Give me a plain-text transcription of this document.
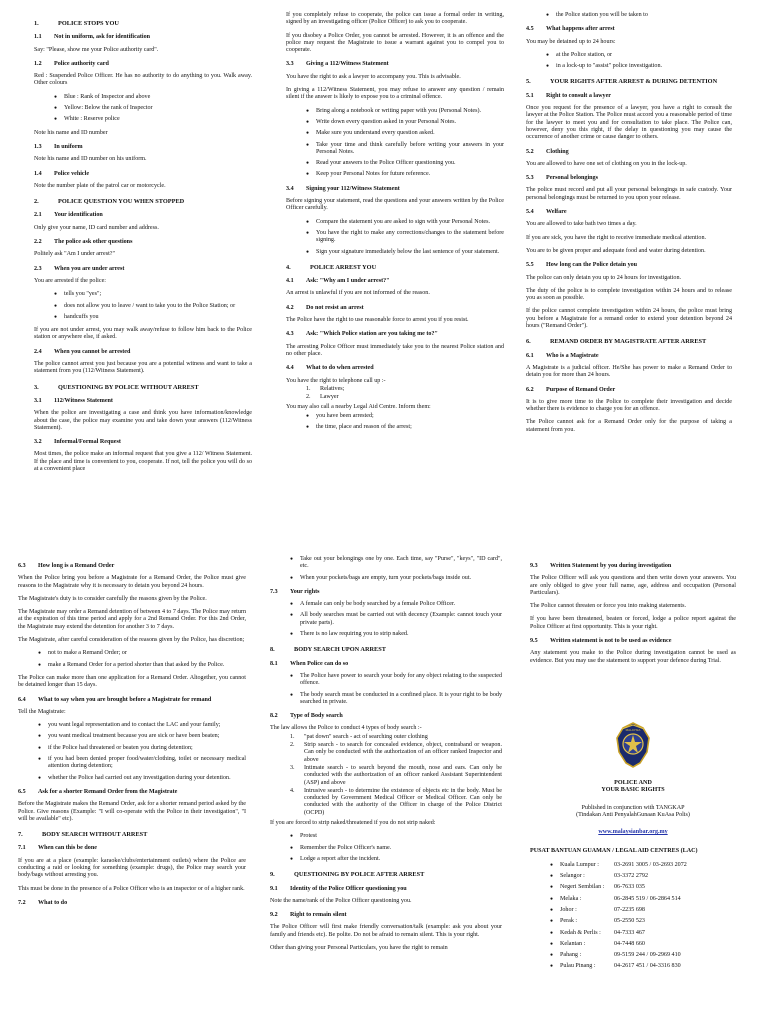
1.	POLICE STOPS YOU
1.1	Not in uniform, ask for identification

Say: "Please, show me your Police authority card".

1.2	Police authority card

Red : Suspended Police Officer. He has no authority to do anything to you. Walk away. Other colours

● Blue : Rank of Inspector and above
● Yellow: Below the rank of Inspector
● White : Reserve police

Note his name and ID number

1.3	In uniform

Note his name and ID number on his uniform.

1.4	Police vehicle

Note the number plate of the patrol car or motorcycle.

2.	POLICE QUESTION YOU WHEN STOPPED
2.1	Your identification

Only give your name, ID card number and address.

2.2	The police ask other questions

Politely ask "Am I under arrest?"

2.3	When you are under arrest

You are arrested if the police:

● tells you "yes";
● does not allow you to leave / want to take you to the Police Station; or
● handcuffs you

If you are not under arrest, you may walk away/refuse to follow him back to the Police station or anywhere else, if asked.

2.4	When you cannot be arrested

The police cannot arrest you just because you are a potential witness and want to take a statement from you (112/Witness Statement).

3.	QUESTIONING BY POLICE WITHOUT ARREST
3.1	112/Witness Statement

When the police are investigating a case and think you have information/knowledge about the case, the police may examine you and take down your answers (112/Witness Statement).

3.2	Informal/Formal Request

Most times, the police make an informal request that you give a 112/ Witness Statement. If the place and time is convenient to you, cooperate. If not, tell the police you will do so at a convenient place

If you completely refuse to cooperate, the police can issue a formal order in writing, signed by an investigating officer (Police Officer) to ask you to cooperate.

If you disobey a Police Order, you cannot be arrested. However, it is an offence and the police may request the Magistrate to issue a warrant against you to compel you to cooperate.

3.3	Giving a 112/Witness Statement

You have the right to ask a lawyer to accompany you. This is advisable.

In giving a 112/Witness Statement, you may refuse to answer any question / remain silent if the answer is likely to expose you to a criminal offence.

● Bring along a notebook or writing paper with you (Personal Notes).
● Write down every question asked in your Personal Notes.
● Make sure you understand every question asked.
● Take your time and think carefully before writing your answers in your Personal Notes.
● Read your answers to the Police Officer questioning you.
● Keep your Personal Notes for future reference.
3.4	Signing your 112/Witness Statement

Before signing your statement, read the questions and your answers written by the Police Officer carefully.

● Compare the statement you are asked to sign with your Personal Notes.
● You have the right to make any corrections/changes to the statement before signing.
● Sign your signature immediately below the last sentence of your statement.
4.	POLICE ARREST YOU
4.1	Ask: "Why am I under arrest?"

An arrest is unlawful if you are not informed of the reason.

4.2	Do not resist an arrest

The Police have the right to use reasonable force to arrest you if you resist.

4.3	Ask: "Which Police station are you taking me to?"

The arresting Police Officer must immediately take you to the nearest Police station and no other place.

4.4	What to do when arrested

You have the right to telephone call up :-

1.	Relatives;
2.	Lawyer

You may also call a nearby Legal Aid Centre. Inform them:

● you have been arrested;
● the time, place and reason of the arrest;
● the Police station you will be taken to
4.5	What happens after arrest

You may be detained up to 24 hours:

● at the Police station, or
● in a lock-up to "assist" police investigation.
5.	YOUR RIGHTS AFTER ARREST & DURING DETENTION
5.1	Right to consult a lawyer

Once you request for the presence of a lawyer, you have a right to consult the lawyer at the Police Station. The Police must accord you a reasonable period of time for the lawyer to meet you and for consultation to take place. The Police can, however, deny you this right, if the delay in questioning you may cause the occurrence of another crime or cause danger to others.

5.2	Clothing

You are allowed to have one set of clothing on you in the lock-up.

5.3	Personal belongings

The police must record and put all your personal belongings in safe custody. Your personal belongings must be returned to you upon your release.

5.4	Welfare

You are allowed to take bath two times a day.

If you are sick, you have the right to receive immediate medical attention.

You are to be given proper and adequate food and water during detention.

5.5	How long can the Police detain you

The police can only detain you up to 24 hours for investigation.

The duty of the police is to complete investigation within 24 hours and to release you as soon as possible.

If the police cannot complete investigation within 24 hours, the police must bring you before a Magistrate for a remand order to extend your detention beyond 24 hours ("Remand Order").

6.	REMAND ORDER BY MAGISTRATE AFTER ARREST
6.1	Who is a Magistrate

A Magistrate is a judicial officer. He/She has power to make a Remand Order to detain you for more than 24 hours.

6.2	Purpose of Remand Order

It is to give more time to the Police to complete their investigation and decide whether there is evidence to charge you for an offence.

The Police cannot ask for a Remand Order only for the purpose of taking a statement from you.

6.3	How long is a Remand Order

When the Police bring you before a Magistrate for a Remand Order, the Police must give reasons to the Magistrate why it is necessary to detain you beyond 24 hours.

The Magistrate's duty is to consider carefully the reasons given by the Police.

The Magistrate may order a Remand detention of between 4 to 7 days. The Police may return at the expiration of this time period and apply for a 2nd Remand Order. For this 2nd Order, the Magistrate may extend the detention for another 3 to 7 days.

The Magistrate, after careful consideration of the reasons given by the Police, has discretion;

● not to make a Remand Order; or
● make a Remand Order for a period shorter than that asked by the Police.

The Police can make more than one application for a Remand Order. Altogether, you cannot be detained longer than 15 days.

6.4	What to say when you are brought before a Magistrate for remand

Tell the Magistrate:

● you want legal representation and to contact the LAC and your family;
● you want medical treatment because you are sick or have been beaten;
● if the Police had threatened or beaten you during detention;
● if you had been denied proper food/water/clothing, toilet or necessary medical attention during detention;
● whether the Police had carried out any investigation during your detention.
6.5	Ask for a shorter Remand Order from the Magistrate

Before the Magistrate makes the Remand Order, ask for a shorter remand period asked by the Police. Give reasons (Example: "I will co-operate with the Police in their investigation", "I will be available" etc).

7.	BODY SEARCH WITHOUT ARREST
7.1	When can this be done

If you are at a place (example: karaoke/clubs/entertainment outlets) where the Police are conducting a raid or looking for something (example: drugs), the Police may search your body/bags without arresting you.

This must be done in the presence of a Police Officer who is an inspector or of a higher rank.

7.2	What to do
● Take out your belongings one by one. Each time, say "Purse", "keys", "ID card", etc.
● When your pockets/bags are empty, turn your pockets/bags inside out.
7.3	Your rights
● A female can only be body searched by a female Police Officer.
● All body searches must be carried out with decency (Example: cannot touch your private parts).
● There is no law requiring you to strip naked.
8.	BODY SEARCH UPON ARREST
8.1	When Police can do so
● The Police have power to search your body for any object relating to the suspected offence.
● The body search must be conducted in a confined place. It is your right to be body searched in private.
8.2	Type of Body search

The law allows the Police to conduct 4 types of body search :-

1.	"pat down" search - act of searching outer clothing
2.	Strip search - to search for concealed evidence, object, contraband or weapon. Can only be conducted with the authorization of an officer ranked Inspector and above
3.	Intimate search - to search beyond the mouth, nose and ears. Can only be conducted with the authorization of an officer ranked Assistant Superintendent (ASP) and above
4.	Intrusive search - to determine the existence of objects etc in the body. Must be conducted by Government Medical Officer or Medical Officer. Can only be conducted with the authority of the Officer in charge of the Police District (OCPD)

If you are forced to strip naked/threatened if you do not strip naked:

● Protest
● Remember the Police Officer's name.
● Lodge a report after the incident.
9.	QUESTIONING BY POLICE AFTER ARREST
9.1	Identity of the Police Officer questioning you

Note the name/rank of the Police Officer questioning you.

9.2	Right to remain silent

The Police Officer will first make friendly conversation/talk (example: ask you about your family and friends etc). Be polite. Do not be afraid to remain silent. This is your right.

Other than giving your Personal Particulars, you have the right to remain

9.3	Written Statement by you during investigation

The Police Officer will ask you questions and then write down your answers. You are only obliged to give your full name, age, address and occupation (Personal Particulars).

The Police cannot threaten or force you into making statements.

If you have been threatened, beaten or forced, lodge a police report against the Police Officer at first opportunity. This is your right.

9.5	Written statement is not to be used as evidence

Any statement you make to the Police during investigation cannot be used as evidence. But you may use the statement to support your defence during Trial.

MALAYSIA
POLICE AND
YOUR BASIC RIGHTS
Published in conjunction with TANGKAP
(Tindakan Anti PenyalahGunaan KuAsa Polis)
www.malaysianbar.org.my
PUSAT BANTUAN GUAMAN / LEGAL AID CENTRES (LAC)
● Kuala Lumpur :	03-2691 3005 / 03-2693 2072
● Selangor :	03-3372 2792
● Negeri Sembilan :	06-7633 035
● Melaka :	06-2845 519 / 06-2864 514
● Johor :	07-2235 698
● Perak :	05-2550 523
● Kedah & Perlis :	04-7333 467
● Kelantan :	04-7448 660
● Pahang :	09-5159 244 / 09-2969 410
● Pulau Pinang :	04-2617 451 / 04-3316 830
